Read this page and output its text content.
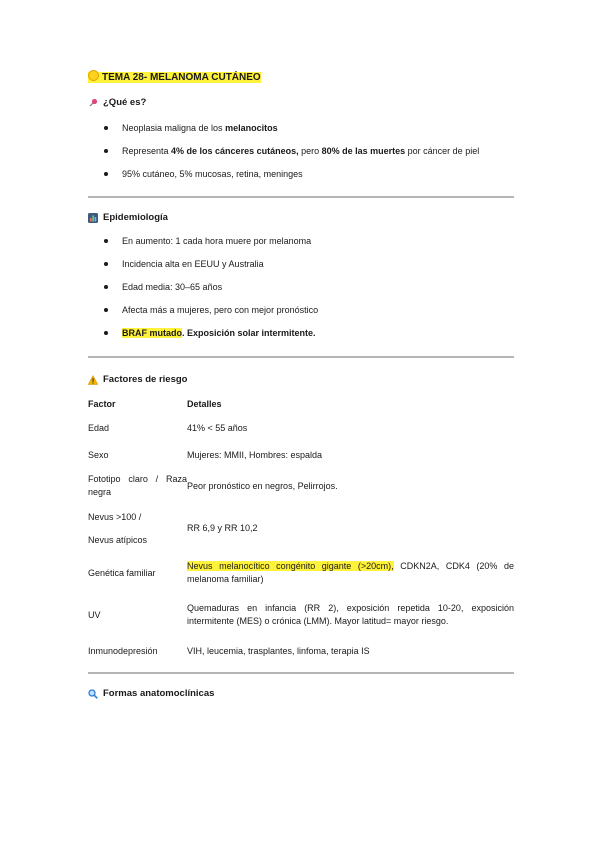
TEMA 28- MELANOMA CUTÁNEO
¿Qué es?
Neoplasia maligna de los melanocitos
Representa 4% de los cánceres cutáneos, pero 80% de las muertes por cáncer de piel
95% cutáneo, 5% mucosas, retina, meninges
Epidemiología
En aumento: 1 cada hora muere por melanoma
Incidencia alta en EEUU y Australia
Edad media: 30–65 años
Afecta más a mujeres, pero con mejor pronóstico
BRAF mutado. Exposición solar intermitente.
Factores de riesgo
Factor	Detalles
Edad	41% < 55 años
Sexo	Mujeres: MMII, Hombres: espalda
Fototipo claro / Raza negra	Peor pronóstico en negros, Pelirrojos.

Nevus >100 /
Nevus atípicos	RR 6,9 y RR 10,2
Genética familiar	Nevus melanocítico congénito gigante (>20cm), CDKN2A, CDK4 (20% de melanoma familiar)
UV	Quemaduras en infancia (RR 2), exposición repetida 10-20, exposición intermitente (MES) o crónica (LMM). Mayor latitud= mayor riesgo.
Inmunodepresión	VIH, leucemia, trasplantes, linfoma, terapia IS
Formas anatomoclínicas
